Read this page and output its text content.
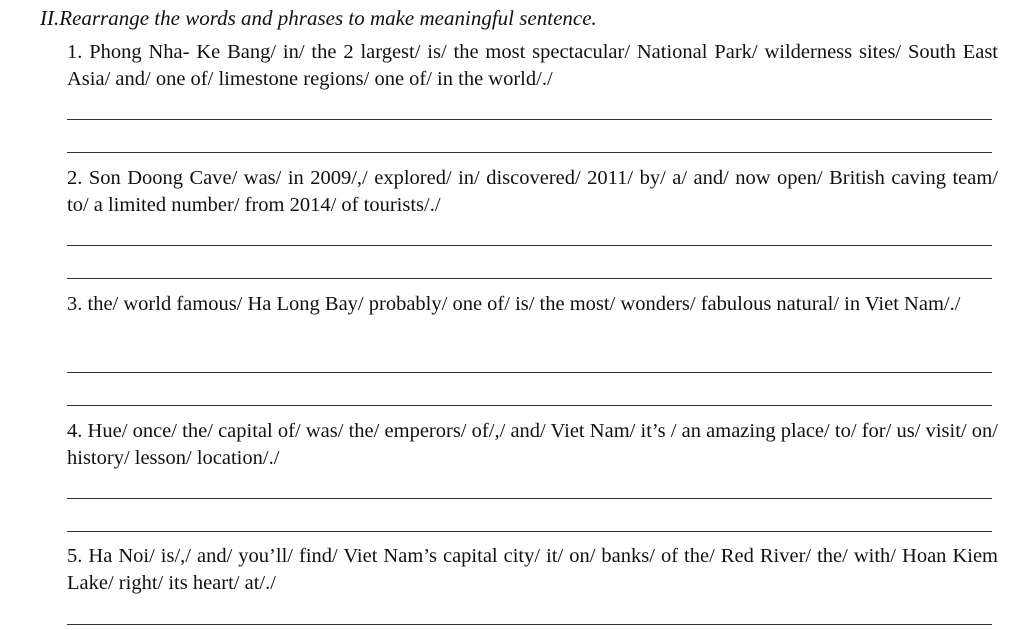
II.Rearrange the words and phrases to make meaningful sentence.
1. Phong Nha- Ke Bang/ in/ the 2 largest/ is/ the most spectacular/ National Park/ wilderness sites/ South East Asia/ and/ one of/ limestone regions/ one of/ in the world/./
2. Son Doong Cave/ was/ in 2009/,/ explored/ in/ discovered/ 2011/ by/ a/ and/ now open/ British caving team/ to/ a limited number/ from 2014/ of tourists/./
3. the/ world famous/ Ha Long Bay/ probably/ one of/ is/ the most/ wonders/ fabulous natural/ in Viet Nam/./
4. Hue/ once/ the/ capital of/ was/ the/ emperors/ of/,/ and/ Viet Nam/ it’s / an amazing place/ to/ for/ us/ visit/ on/ history/ lesson/ location/./
5. Ha Noi/ is/,/ and/ you’ll/ find/ Viet Nam’s capital city/ it/ on/ banks/ of the/ Red River/ the/ with/ Hoan Kiem Lake/ right/ its heart/ at/./
